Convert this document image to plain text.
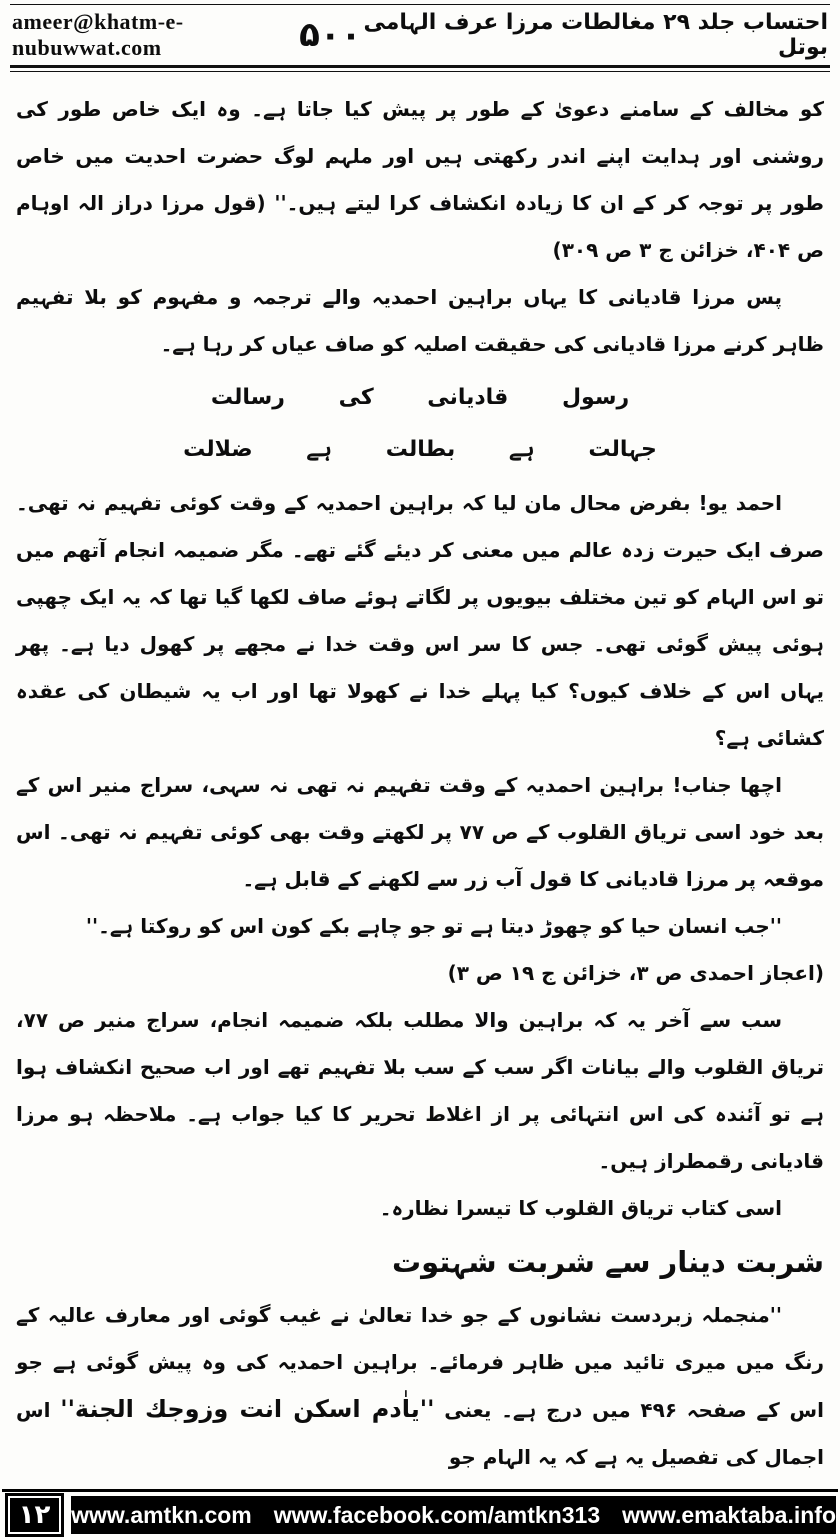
ameer@khatm-e-nubuwwat.com	۵۰۰ احتساب جلد ۲۹ مغالطات مرزا عرف الہامی بوتل

کو مخالف کے سامنے دعویٰ کے طور پر پیش کیا جاتا ہے۔ وہ ایک خاص طور کی روشنی اور ہدایت اپنے اندر رکھتی ہیں اور ملہم لوگ حضرت احدیت میں خاص طور پر توجہ کر کے ان کا زیادہ انکشاف کرا لیتے ہیں۔'' (قول مرزا دراز الہ اوہام ص ۴۰۴، خزائن ج ۳ ص ۳۰۹)

پس مرزا قادیانی کا یہاں براہین احمدیہ والے ترجمہ و مفہوم کو بلا تفہیم ظاہر کرنے مرزا قادیانی کی حقیقت اصلیہ کو صاف عیاں کر رہا ہے۔

رسول قادیانی کی رسالت
جہالت ہے بطالت ہے ضلالت

احمد یو! بفرض محال مان لیا کہ براہین احمدیہ کے وقت کوئی تفہیم نہ تھی۔ صرف ایک حیرت زدہ عالم میں معنی کر دیئے گئے تھے۔ مگر ضمیمہ انجام آتھم میں تو اس الہام کو تین مختلف بیویوں پر لگاتے ہوئے صاف لکھا گیا تھا کہ یہ ایک چھپی ہوئی پیش گوئی تھی۔ جس کا سر اس وقت خدا نے مجھے پر کھول دیا ہے۔ پھر یہاں اس کے خلاف کیوں؟ کیا پہلے خدا نے کھولا تھا اور اب یہ شیطان کی عقدہ کشائی ہے؟

اچھا جناب! براہین احمدیہ کے وقت تفہیم نہ تھی نہ سہی، سراج منیر اس کے بعد خود اسی تریاق القلوب کے ص ۷۷ پر لکھتے وقت بھی کوئی تفہیم نہ تھی۔ اس موقعہ پر مرزا قادیانی کا قول آب زر سے لکھنے کے قابل ہے۔

''جب انسان حیا کو چھوڑ دیتا ہے تو جو چاہے بکے کون اس کو روکتا ہے۔''

(اعجاز احمدی ص ۳، خزائن ج ۱۹ ص ۳)

سب سے آخر یہ کہ براہین والا مطلب بلکہ ضمیمہ انجام، سراج منیر ص ۷۷، تریاق القلوب والے بیانات اگر سب کے سب بلا تفہیم تھے اور اب صحیح انکشاف ہوا ہے تو آئندہ کی اس انتہائی پر از اغلاط تحریر کا کیا جواب ہے۔ ملاحظہ ہو مرزا قادیانی رقمطراز ہیں۔

اسی کتاب تریاق القلوب کا تیسرا نظارہ۔

شربت دینار سے شربت شہتوت

''منجملہ زبردست نشانوں کے جو خدا تعالیٰ نے غیب گوئی اور معارف عالیہ کے رنگ میں میری تائید میں ظاہر فرمائے۔ براہین احمدیہ کی وہ پیش گوئی ہے جو اس کے صفحہ ۴۹۶ میں درج ہے۔ یعنی ''یاٰدم اسکن انت وزوجك الجنة'' اس اجمال کی تفصیل یہ ہے کہ یہ الہام جو

۱۲ www.amtkn.com www.facebook.com/amtkn313 www.emaktaba.info
